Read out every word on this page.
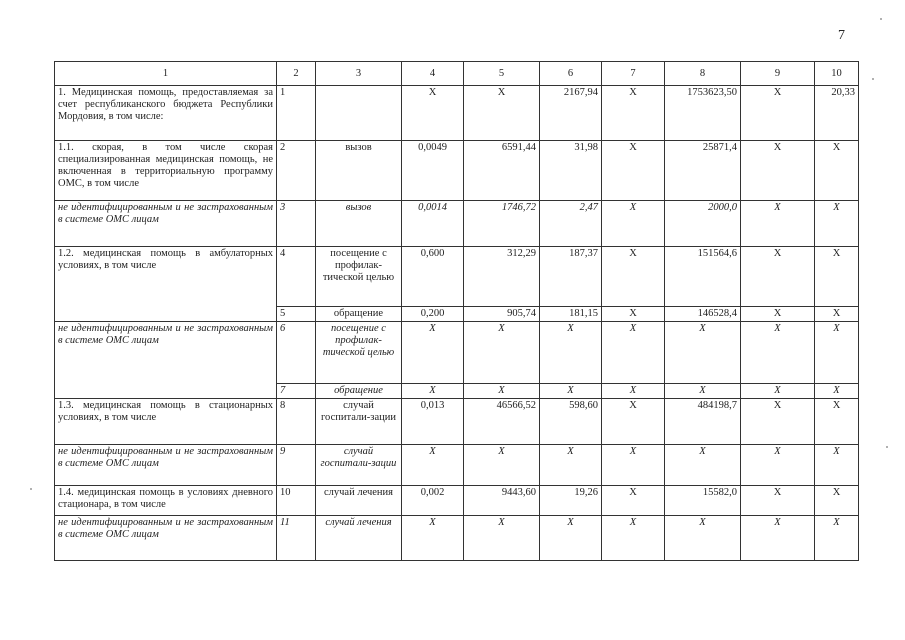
7
1	2	3	4	5	6	7	8	9	10
1. Медицинская помощь, предоставляемая за счет республиканского бюджета Республики Мордовия, в том числе:	1		X	X	2167,94	X	1753623,50	X	20,33
1.1. скорая, в том числе скорая специализированная медицинская помощь, не включенная в территориальную программу ОМС, в том числе	2	вызов	0,0049	6591,44	31,98	X	25871,4	X	X
не идентифицированным и не застрахованным в системе ОМС лицам	3	вызов	0,0014	1746,72	2,47	X	2000,0	X	X
1.2. медицинская помощь в амбулаторных условиях, в том числе	4	посещение с профилак-тической целью	0,600	312,29	187,37	X	151564,6	X	X
	5	обращение	0,200	905,74	181,15	X	146528,4	X	X
не идентифицированным и не застрахованным в системе ОМС лицам	6	посещение с профилак-тической целью	X	X	X	X	X	X	X
	7	обращение	X	X	X	X	X	X	X
1.3. медицинская помощь в стационарных условиях, в том числе	8	случай госпитали-зации	0,013	46566,52	598,60	X	484198,7	X	X
не идентифицированным и не застрахованным в системе ОМС лицам	9	случай госпитали-зации	X	X	X	X	X	X	X
1.4. медицинская помощь в условиях дневного стационара, в том числе	10	случай лечения	0,002	9443,60	19,26	X	15582,0	X	X
не идентифицированным и не застрахованным в системе ОМС лицам	11	случай лечения	X	X	X	X	X	X	X
